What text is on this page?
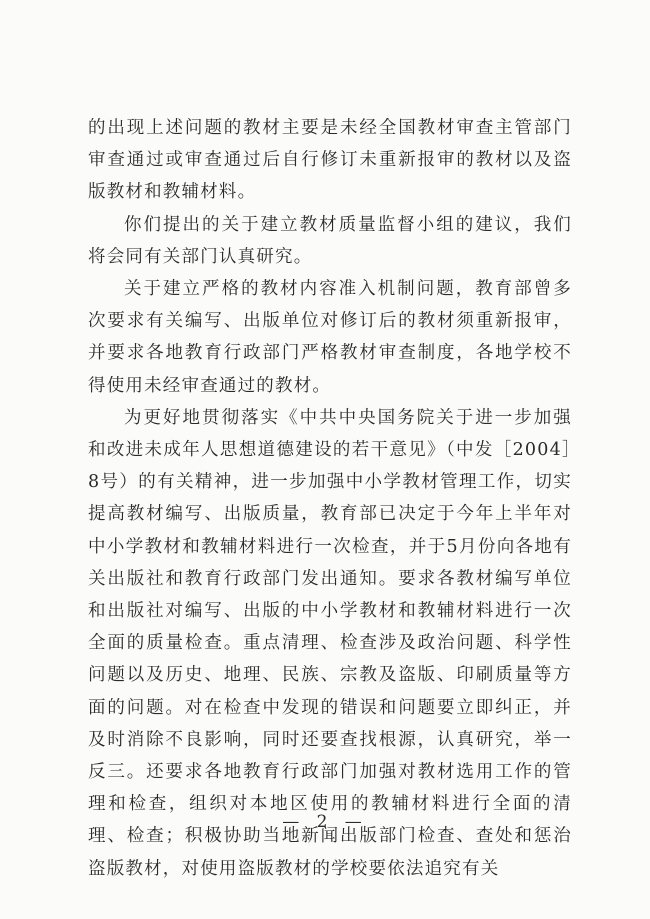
的出现上述问题的教材主要是未经全国教材审查主管部门审查通过或审查通过后自行修订未重新报审的教材以及盗版教材和教辅材料。

你们提出的关于建立教材质量监督小组的建议，我们将会同有关部门认真研究。

关于建立严格的教材内容准入机制问题，教育部曾多次要求有关编写、出版单位对修订后的教材须重新报审，并要求各地教育行政部门严格教材审查制度，各地学校不得使用未经审查通过的教材。

为更好地贯彻落实《中共中央国务院关于进一步加强和改进未成年人思想道德建设的若干意见》（中发［2004］8号）的有关精神，进一步加强中小学教材管理工作，切实提高教材编写、出版质量，教育部已决定于今年上半年对中小学教材和教辅材料进行一次检查，并于5月份向各地有关出版社和教育行政部门发出通知。要求各教材编写单位和出版社对编写、出版的中小学教材和教辅材料进行一次全面的质量检查。重点清理、检查涉及政治问题、科学性问题以及历史、地理、民族、宗教及盗版、印刷质量等方面的问题。对在检查中发现的错误和问题要立即纠正，并及时消除不良影响，同时还要查找根源，认真研究，举一反三。还要求各地教育行政部门加强对教材选用工作的管理和检查，组织对本地区使用的教辅材料进行全面的清理、检查；积极协助当地新闻出版部门检查、查处和惩治盗版教材，对使用盗版教材的学校要依法追究有关

— 2 —
